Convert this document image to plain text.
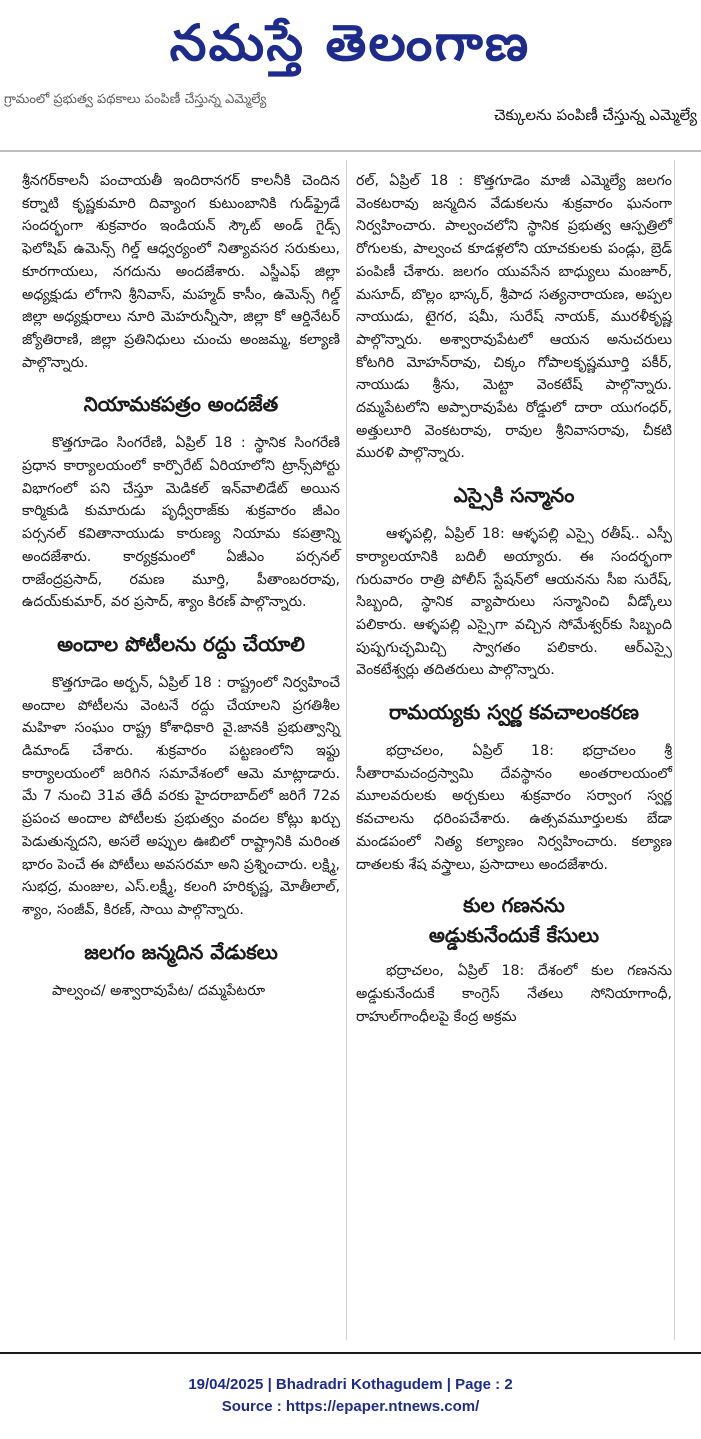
నమస్తే తెలంగాణ
గ్రామంలో ప్రభుత్వ పథకాలు పంపిణీ చేస్తున్న ఎమ్మెల్యే
చెక్కులను పంపిణీ చేస్తున్న ఎమ్మెల్యే

శ్రీనగర్‌కాలనీ పంచాయతీ ఇందిరానగర్ కాలనీకి చెందిన కర్నాటి కృష్ణకుమారి దివ్యాంగ కుటుంబానికి గుడ్‌ఫ్రైడే సందర్భంగా శుక్రవారం ఇండియన్ స్కౌట్ అండ్ గైడ్స్ ఫెలోషిప్ ఉమెన్స్ గిల్డ్ ఆధ్వర్యంలో నిత్యావసర సరుకులు, కూరగాయలు, నగదును అందజేశారు. ఎస్జీఎఫ్ జిల్లా అధ్యక్షుడు లోగాని శ్రీనివాస్, మహ్మద్ కాసీం, ఉమెన్స్ గిల్డ్ జిల్లా అధ్యక్షురాలు నూరి మెహరున్నీసా, జిల్లా కో ఆర్డినేటర్ జ్యోతిరాణి, జిల్లా ప్రతినిధులు చుంచు అంజమ్మ, కల్యాణి పాల్గొన్నారు.

నియామకపత్రం అందజేత

కొత్తగూడెం సింగరేణి, ఏప్రిల్ 18 : స్థానిక సింగరేణి ప్రధాన కార్యాలయంలో కార్పొరేట్ ఏరియాలోని ట్రాన్స్‌పోర్టు విభాగంలో పని చేస్తూ మెడికల్ ఇన్‌వాలిడేట్ అయిన కార్మికుడి కుమారుడు పృధ్వీరాజ్‌కు శుక్రవారం జీఎం పర్సనల్ కవితానాయుడు కారుణ్య నియామ కపత్రాన్ని అందజేశారు. కార్యక్రమంలో ఏజీఎం పర్సనల్ రాజేంద్రప్రసాద్, రమణ మూర్తి, పీతాంబరరావు, ఉదయ్‌కుమార్, వర ప్రసాద్, శ్యాం కిరణ్ పాల్గొన్నారు.

అందాల పోటీలను రద్దు చేయాలి

కొత్తగూడెం అర్బన్, ఏప్రిల్ 18 : రాష్ట్రంలో నిర్వహించే అందాల పోటీలను వెంటనే రద్దు చేయాలని ప్రగతిశీల మహిళా సంఘం రాష్ట్ర కోశాధికారి వై.జానకి ప్రభుత్వాన్ని డిమాండ్ చేశారు. శుక్రవారం పట్టణంలోని ఇఫ్టు కార్యాలయంలో జరిగిన సమావేశంలో ఆమె మాట్లాడారు. మే 7 నుంచి 31వ తేదీ వరకు హైదరాబాద్‌లో జరిగే 72వ ప్రపంచ అందాల పోటీలకు ప్రభుత్వం వందల కోట్లు ఖర్చు పెడుతున్నదని, అసలే అప్పుల ఊబిలో రాష్ట్రానికి మరింత భారం పెంచే ఈ పోటీలు అవసరమా అని ప్రశ్నించారు. లక్ష్మి, సుభద్ర, మంజుల, ఎస్.లక్ష్మీ, కలంగి హరికృష్ణ, మోతీలాల్, శ్యాం, సంజీవ్, కిరణ్, సాయి పాల్గొన్నారు.

జలగం జన్మదిన వేడుకలు

పాల్వంచ/ అశ్వారావుపేట/ దమ్మపేటరూ

రల్, ఏప్రిల్ 18 : కొత్తగూడెం మాజీ ఎమ్మెల్యే జలగం వెంకటరావు జన్మదిన వేడుకలను శుక్రవారం ఘనంగా నిర్వహించారు. పాల్వంచలోని స్థానిక ప్రభుత్వ ఆస్పత్రిలో రోగులకు, పాల్వంచ కూడళ్లలోని యాచకులకు పండ్లు, బ్రెడ్ పంపిణీ చేశారు. జలగం యువసేన బాధ్యులు మంజూర్, మసూద్, బొల్లం భాస్కర్, శ్రీపాద సత్యనారాయణ, అప్పల నాయుడు, టైగర, షమీ, సురేష్ నాయక్, మురళీకృష్ణ పాల్గొన్నారు. అశ్వారావుపేటలో ఆయన అనుచరులు కోటగిరి మోహన్‌రావు, చిక్కం గోపాలకృష్ణమూర్తి పకీర్, నాయుడు శ్రీను, మెట్టా వెంకటేష్ పాల్గొన్నారు. దమ్మపేటలోని అప్పారావుపేట రోడ్డులో దారా యుగంధర్, అత్తులూరి వెంకటరావు, రావుల శ్రీనివాసరావు, చీకటి మురళి పాల్గొన్నారు.

ఎస్సైకి సన్మానం

ఆళ్ళపల్లి, ఏప్రిల్ 18: ఆళ్ళపల్లి ఎస్సై రతీష్.. ఎస్పీ కార్యాలయానికి బదిలీ అయ్యారు. ఈ సందర్భంగా గురువారం రాత్రి పోలీస్ స్టేషన్‌లో ఆయనను సీఐ సురేష్, సిబ్బంది, స్థానిక వ్యాపారులు సన్మానించి వీడ్కోలు పలికారు. ఆళ్ళపల్లి ఎస్సైగా వచ్చిన సోమేశ్వర్‌కు సిబ్బంది పుష్పగుచ్ఛమిచ్చి స్వాగతం పలికారు. ఆర్ఎస్సై వెంకటేశ్వర్లు తదితరులు పాల్గొన్నారు.

రామయ్యకు స్వర్ణ కవచాలంకరణ

భద్రాచలం, ఏప్రిల్ 18: భద్రాచలం శ్రీ సీతారామచంద్రస్వామి దేవస్థానం అంతరాలయంలో మూలవరులకు అర్చకులు శుక్రవారం సర్వాంగ స్వర్ణ కవచాలను ధరింపచేశారు. ఉత్సవమూర్తులకు బేడా మండపంలో నిత్య కల్యాణం నిర్వహించారు. కల్యాణ దాతలకు శేష వస్త్రాలు, ప్రసాదాలు అందజేశారు.

కుల గణనను
అడ్డుకునేందుకే కేసులు

భద్రాచలం, ఏప్రిల్ 18: దేశంలో కుల గణనను అడ్డుకునేందుకే కాంగ్రెస్ నేతలు సోనియాగాంధీ, రాహుల్‌గాంధీలపై కేంద్ర అక్రమ

19/04/2025 | Bhadradri Kothagudem | Page : 2
Source : https://epaper.ntnews.com/
